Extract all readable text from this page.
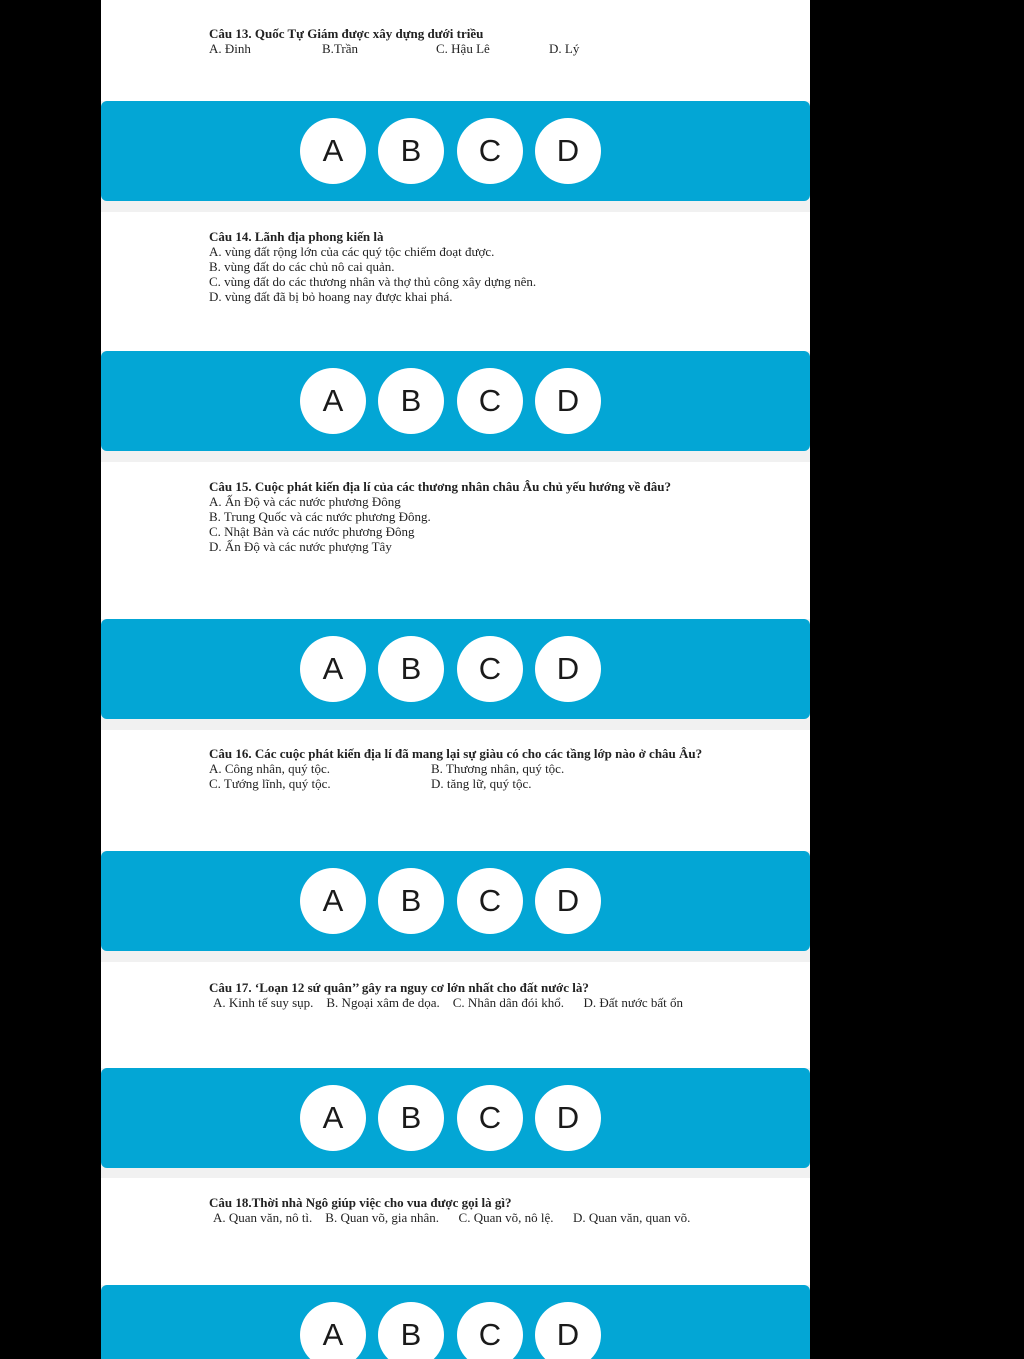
Câu 13. Quốc Tự Giám được xây dựng dưới triều
A. Đinh	B.Trần	C. Hậu Lê	D. Lý
A	B	C	D
Câu 14. Lãnh địa phong kiến là
A. vùng đất rộng lớn của các quý tộc chiếm đoạt được.
B. vùng đất do các chủ nô cai quản.
C. vùng đất do các thương nhân và thợ thủ công xây dựng nên.
D. vùng đất đã bị bỏ hoang nay được khai phá.
A	B	C	D
Câu 15. Cuộc phát kiến địa lí của các thương nhân châu Âu chủ yếu hướng về đâu?
A. Ấn Độ và các nước phương Đông
B. Trung Quốc và các nước phương Đông.
C. Nhật Bản và các nước phương Đông
D. Ấn Độ và các nước phượng Tây
A	B	C	D
Câu 16. Các cuộc phát kiến địa lí đã mang lại sự giàu có cho các tầng lớp nào ở châu Âu?
A. Công nhân, quý tộc.	B. Thương nhân, quý tộc.
C. Tướng lĩnh, quý tộc.	D. tăng lữ, quý tộc.
A	B	C	D
Câu 17. ‘Loạn 12 sứ quân’’ gây ra nguy cơ lớn nhất cho đất nước là?
A. Kinh tế suy sụp. B. Ngoại xâm đe dọa. C. Nhân dân đói khổ. D. Đất nước bất ổn
A	B	C	D
Câu 18.Thời nhà Ngô giúp việc cho vua được gọi là gì?
A. Quan văn, nô tì. B. Quan võ, gia nhân. C. Quan võ, nô lệ. D. Quan văn, quan võ.
A	B	C	D
